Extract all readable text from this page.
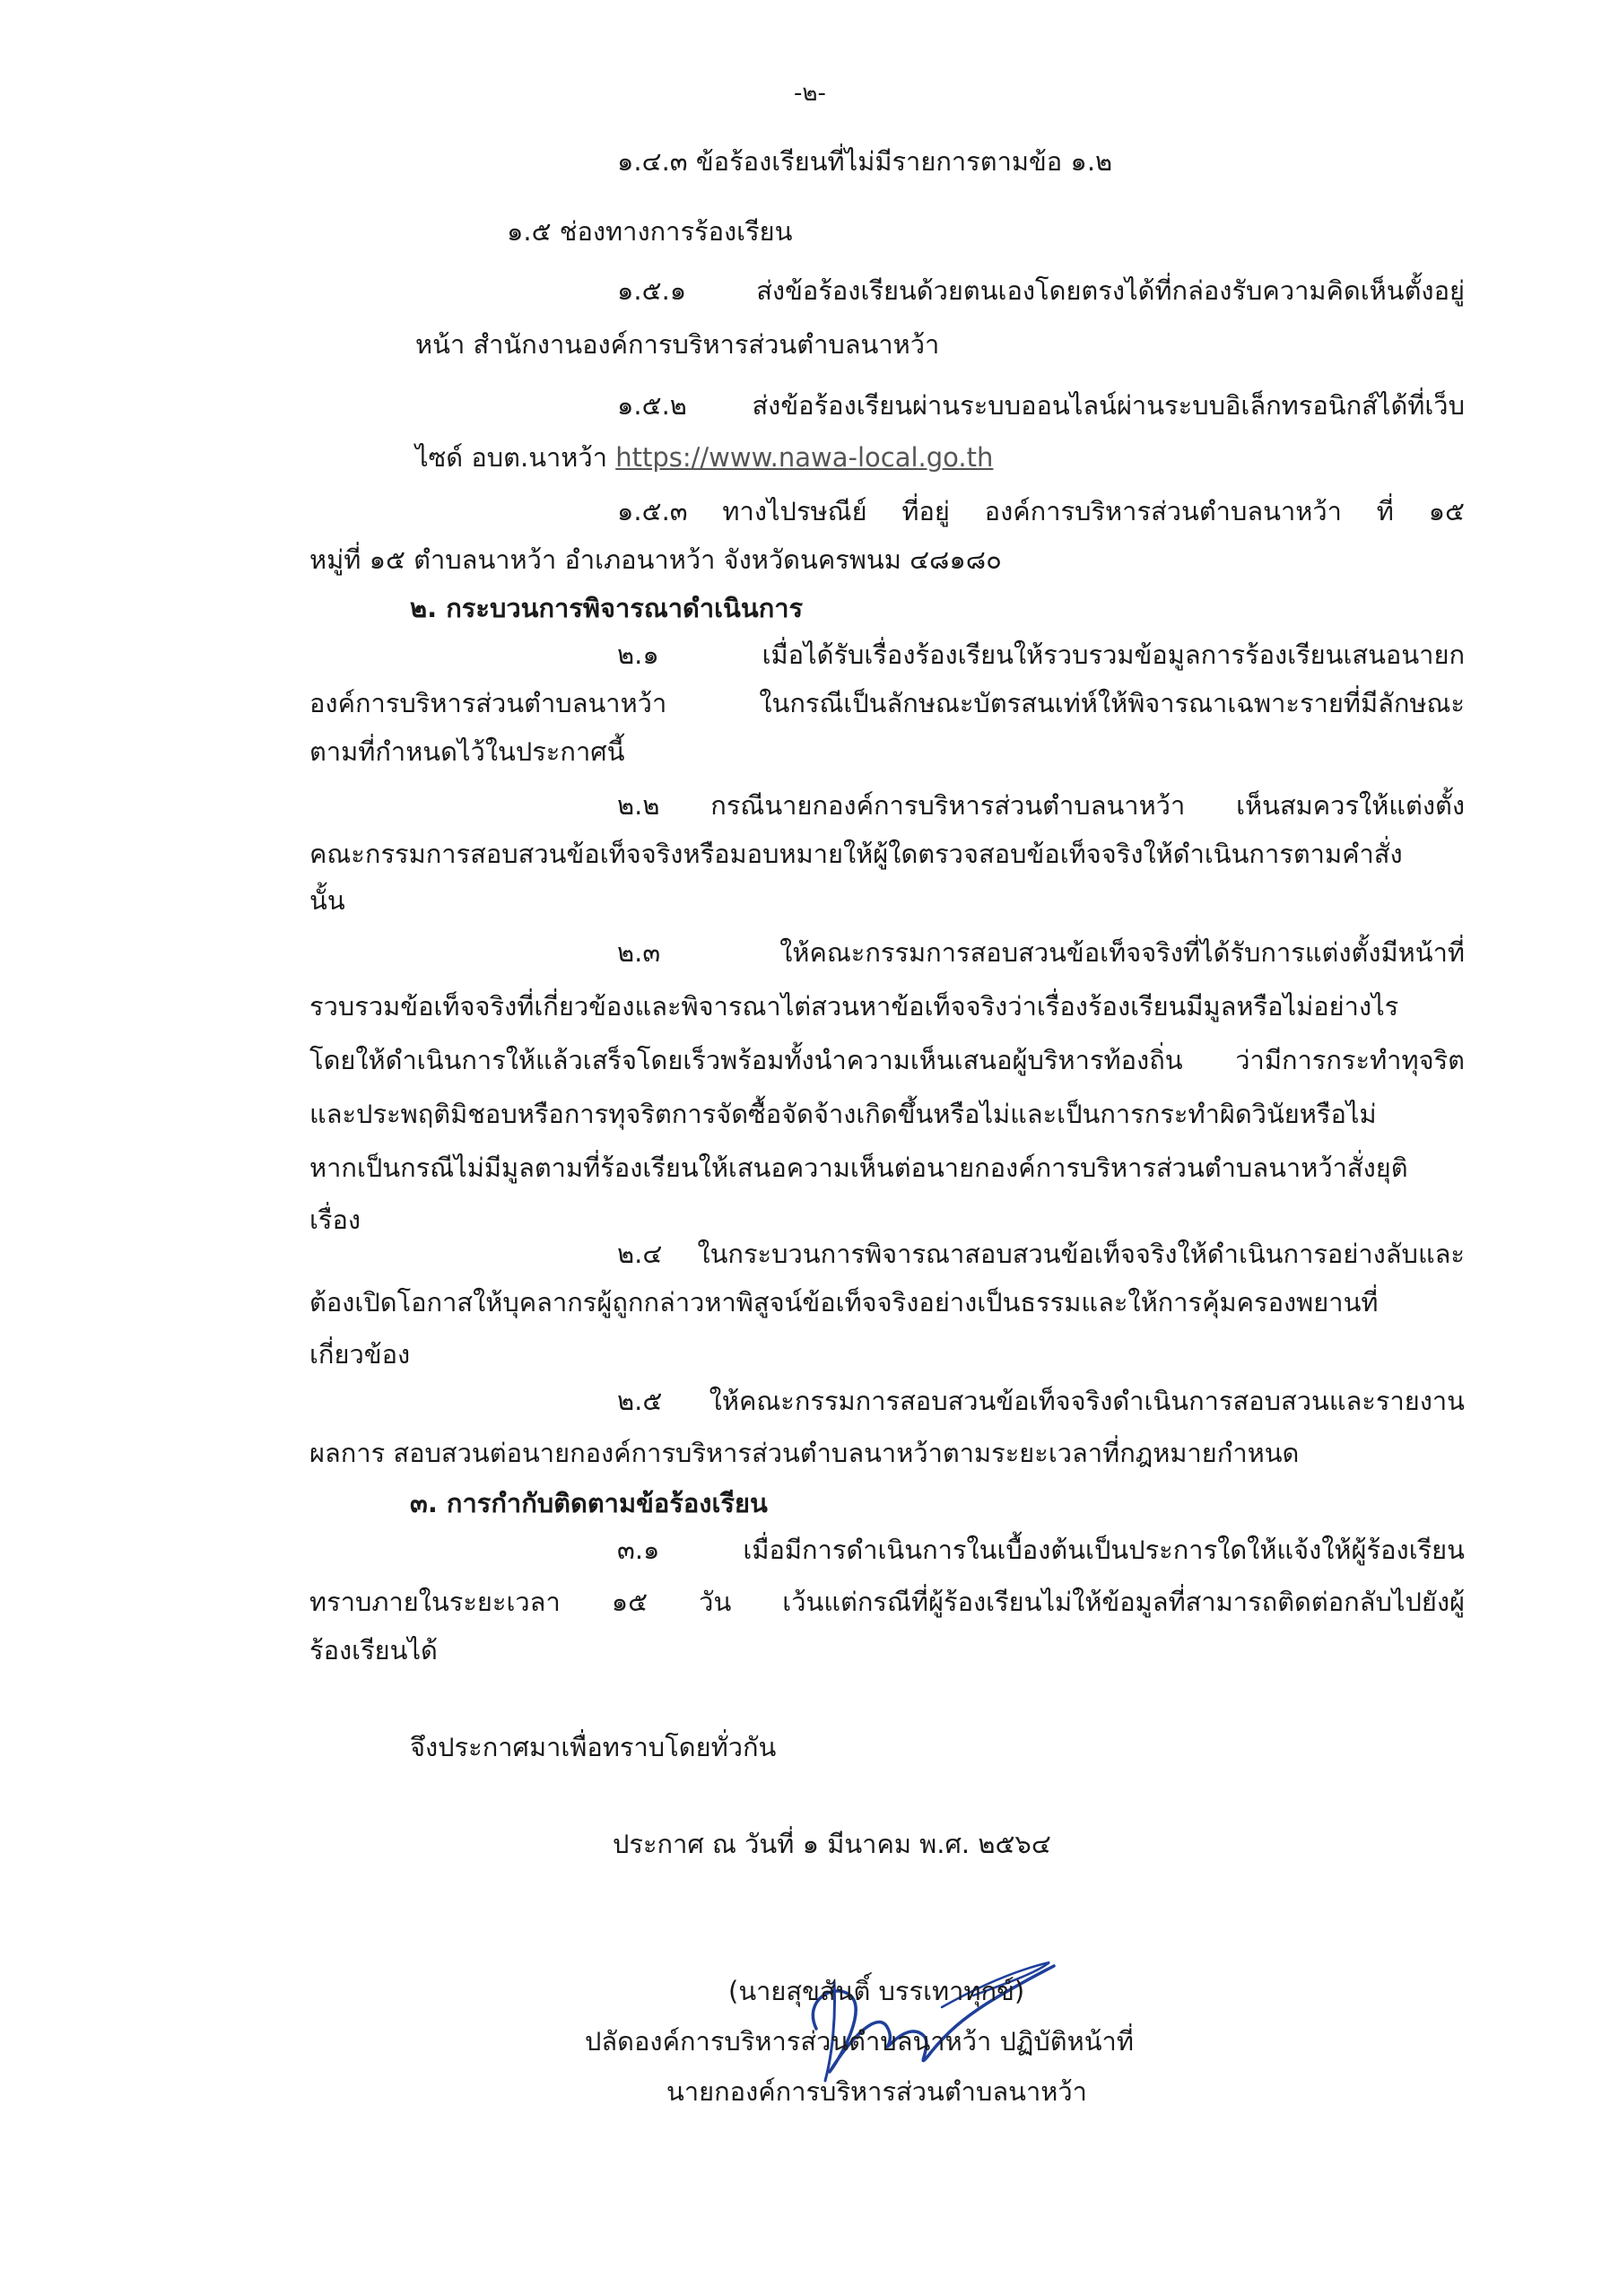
-๒-
๑.๔.๓ ข้อร้องเรียนที่ไม่มีรายการตามข้อ ๑.๒
๑.๕ ช่องทางการร้องเรียน
๑.๕.๑ ส่งข้อร้องเรียนด้วยตนเองโดยตรงได้ที่กล่องรับความคิดเห็นตั้งอยู่
หน้า สำนักงานองค์การบริหารส่วนตำบลนาหว้า
๑.๕.๒ ส่งข้อร้องเรียนผ่านระบบออนไลน์ผ่านระบบอิเล็กทรอนิกส์ได้ที่เว็บ
ไซด์ อบต.นาหว้า https://www.nawa-local.go.th
๑.๕.๓ ทางไปรษณีย์ ที่อยู่ องค์การบริหารส่วนตำบลนาหว้า ที่ ๑๕
หมู่ที่ ๑๕ ตำบลนาหว้า อำเภอนาหว้า จังหวัดนครพนม ๔๘๑๘๐
๒. กระบวนการพิจารณาดำเนินการ
๒.๑ เมื่อได้รับเรื่องร้องเรียนให้รวบรวมข้อมูลการร้องเรียนเสนอนายก
องค์การบริหารส่วนตำบลนาหว้า ในกรณีเป็นลักษณะบัตรสนเท่ห์ให้พิจารณาเฉพาะรายที่มีลักษณะ
ตามที่กำหนดไว้ในประกาศนี้
๒.๒ กรณีนายกองค์การบริหารส่วนตำบลนาหว้า เห็นสมควรให้แต่งตั้ง
คณะกรรมการสอบสวนข้อเท็จจริงหรือมอบหมายให้ผู้ใดตรวจสอบข้อเท็จจริงให้ดำเนินการตามคำสั่ง
นั้น
๒.๓ ให้คณะกรรมการสอบสวนข้อเท็จจริงที่ได้รับการแต่งตั้งมีหน้าที่
รวบรวมข้อเท็จจริงที่เกี่ยวข้องและพิจารณาไต่สวนหาข้อเท็จจริงว่าเรื่องร้องเรียนมีมูลหรือไม่อย่างไร
โดยให้ดำเนินการให้แล้วเสร็จโดยเร็วพร้อมทั้งนำความเห็นเสนอผู้บริหารท้องถิ่น ว่ามีการกระทำทุจริต
และประพฤติมิชอบหรือการทุจริตการจัดซื้อจัดจ้างเกิดขึ้นหรือไม่และเป็นการกระทำผิดวินัยหรือไม่
หากเป็นกรณีไม่มีมูลตามที่ร้องเรียนให้เสนอความเห็นต่อนายกองค์การบริหารส่วนตำบลนาหว้าสั่งยุติ
เรื่อง
๒.๔ ในกระบวนการพิจารณาสอบสวนข้อเท็จจริงให้ดำเนินการอย่างลับและ
ต้องเปิดโอกาสให้บุคลากรผู้ถูกกล่าวหาพิสูจน์ข้อเท็จจริงอย่างเป็นธรรมและให้การคุ้มครองพยานที่
เกี่ยวข้อง
๒.๕ ให้คณะกรรมการสอบสวนข้อเท็จจริงดำเนินการสอบสวนและรายงาน
ผลการ สอบสวนต่อนายกองค์การบริหารส่วนตำบลนาหว้าตามระยะเวลาที่กฎหมายกำหนด
๓. การกำกับติดตามข้อร้องเรียน
๓.๑ เมื่อมีการดำเนินการในเบื้องต้นเป็นประการใดให้แจ้งให้ผู้ร้องเรียน
ทราบภายในระยะเวลา ๑๕ วัน เว้นแต่กรณีที่ผู้ร้องเรียนไม่ให้ข้อมูลที่สามารถติดต่อกลับไปยังผู้
ร้องเรียนได้
จึงประกาศมาเพื่อทราบโดยทั่วกัน
ประกาศ ณ วันที่ ๑ มีนาคม พ.ศ. ๒๕๖๔
(นายสุขสันติ์ บรรเทาทุกข์)
ปลัดองค์การบริหารส่วนตำบลนาหว้า ปฏิบัติหน้าที่
นายกองค์การบริหารส่วนตำบลนาหว้า
